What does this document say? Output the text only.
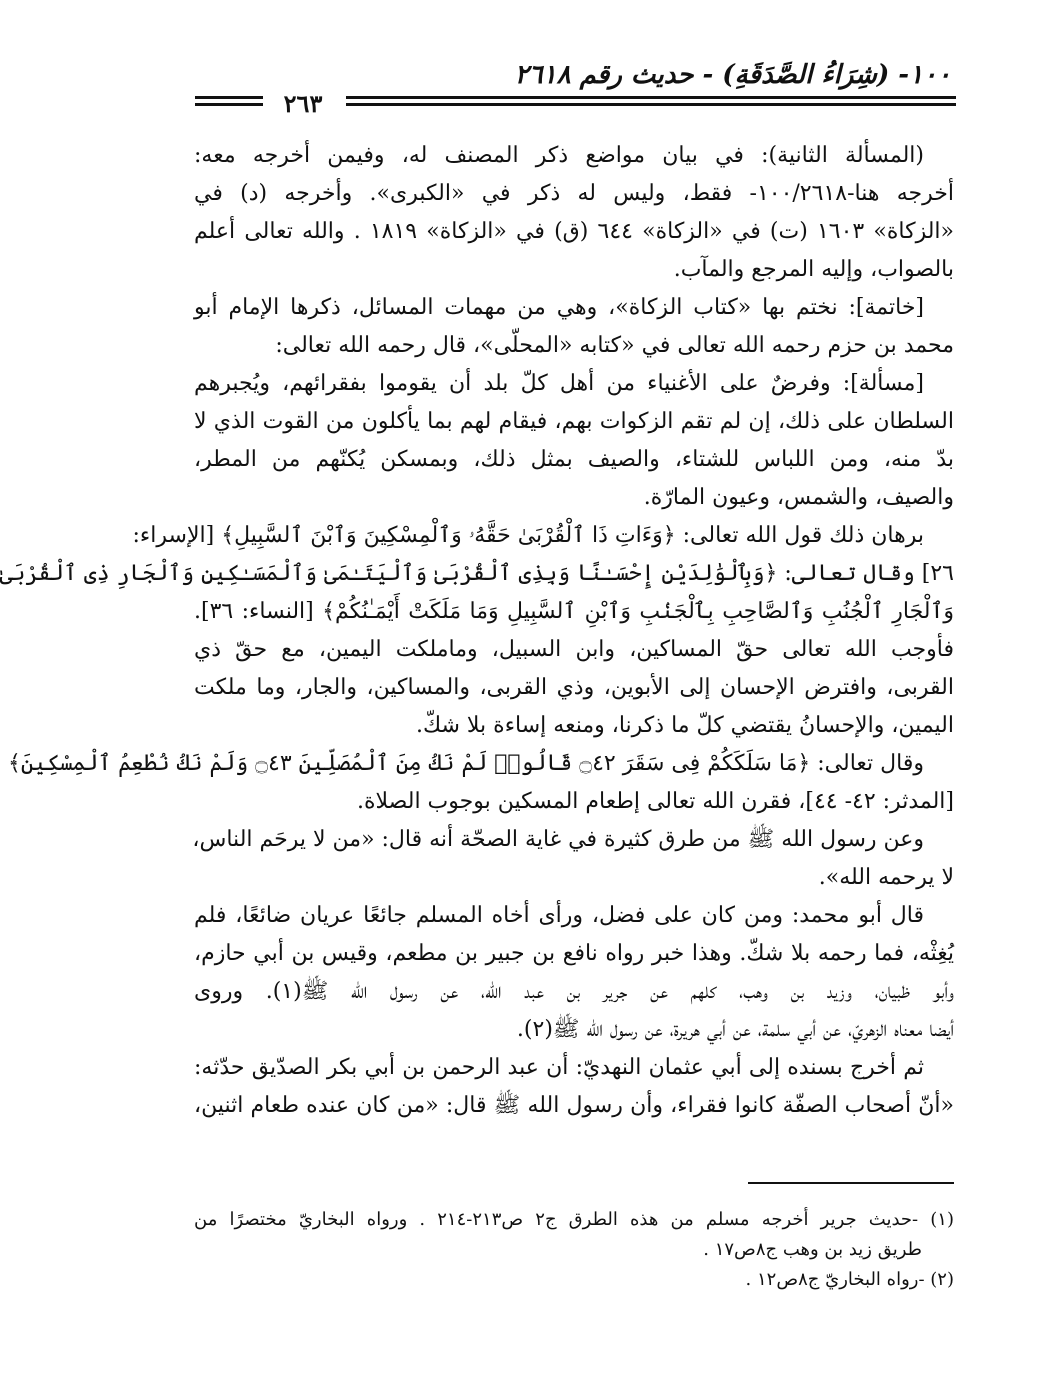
١٠٠- (شِرَاءُ الصَّدَقَةِ) - حديث رقم ٢٦١٨
٢٦٣
(المسألة الثانية): في بيان مواضع ذكر المصنف له، وفيمن أخرجه معه:
أخرجه هنا-١٠٠/٢٦١٨- فقط، وليس له ذكر في «الكبرى». وأخرجه (د) في
«الزكاة» ١٦٠٣ (ت) في «الزكاة» ٦٤٤ (ق) في «الزكاة» ١٨١٩ . والله تعالى أعلم
بالصواب، وإليه المرجع والمآب.
[خاتمة]: نختم بها «كتاب الزكاة»، وهي من مهمات المسائل، ذكرها الإمام أبو
محمد بن حزم رحمه الله تعالى في «كتابه «المحلّى»، قال رحمه الله تعالى:
[مسألة]: وفرضٌ على الأغنياء من أهل كلّ بلد أن يقوموا بفقرائهم، ويُجبرهم
السلطان على ذلك، إن لم تقم الزكوات بهم، فيقام لهم بما يأكلون من القوت الذي لا
بدّ منه، ومن اللباس للشتاء، والصيف بمثل ذلك، وبمسكن يُكنّهم من المطر،
والصيف، والشمس، وعيون المارّة.
برهان ذلك قول الله تعالى: ﴿وَءَاتِ ذَا ٱلْقُرْبَىٰ حَقَّهُۥ وَٱلْمِسْكِينَ وَٱبْنَ ٱلسَّبِيلِ﴾ [الإسراء:
٢٦] وقال تعالى: ﴿وَبِٱلْوَٰلِدَيْنِ إِحْسَـٰنًا وَبِذِى ٱلْقُرْبَىٰ وَٱلْيَتَـٰمَىٰ وَٱلْمَسَـٰكِينِ وَٱلْجَارِ ذِى ٱلْقُرْبَىٰ
وَٱلْجَارِ ٱلْجُنُبِ وَٱلصَّاحِبِ بِٱلْجَنۢبِ وَٱبْنِ ٱلسَّبِيلِ وَمَا مَلَكَتْ أَيْمَـٰنُكُمْ﴾ [النساء: ٣٦].
فأوجب الله تعالى حقّ المساكين، وابن السبيل، وماملكت اليمين، مع حقّ ذي
القربى، وافترض الإحسان إلى الأبوين، وذي القربى، والمساكين، والجار، وما ملكت
اليمين، والإحسانُ يقتضي كلّ ما ذكرنا، ومنعه إساءة بلا شكّ.
وقال تعالى: ﴿مَا سَلَكَكُمْ فِى سَقَرَ ۝٤٢ قَالُوا۟ لَمْ نَكُ مِنَ ٱلْمُصَلِّينَ ۝٤٣ وَلَمْ نَكُ نُطْعِمُ ٱلْمِسْكِينَ﴾
[المدثر: ٤٢- ٤٤]، فقرن الله تعالى إطعام المسكين بوجوب الصلاة.
وعن رسول الله ﷺ من طرق كثيرة في غاية الصحّة أنه قال: «من لا يرحَم الناس،
لا يرحمه الله».
قال أبو محمد: ومن كان على فضل، ورأى أخاه المسلم جائعًا عريان ضائعًا، فلم
يُغِثْه، فما رحمه بلا شكّ. وهذا خبر رواه نافع بن جبير بن مطعم، وقيس بن أبي حازم،
وأبو ظبيان، وزيد بن وهب، كلهم عن جرير بن عبد الله، عن رسول الله ﷺ(١). وروى
أيضا معناه الزهريّ، عن أبي سلمة، عن أبي هريرة، عن رسول الله ﷺ(٢).
ثم أخرج بسنده إلى أبي عثمان النهديّ: أن عبد الرحمن بن أبي بكر الصدّيق حدّثه:
«أنّ أصحاب الصفّة كانوا فقراء، وأن رسول الله ﷺ قال: «من كان عنده طعام اثنين،
(١) -حديث جرير أخرجه مسلم من هذه الطرق ج٢ ص٢١٣-٢١٤ . ورواه البخاريّ مختصرًا من
طريق زيد بن وهب ج٨ص١٧ .
(٢) -رواه البخاريّ ج٨ص١٢ .
